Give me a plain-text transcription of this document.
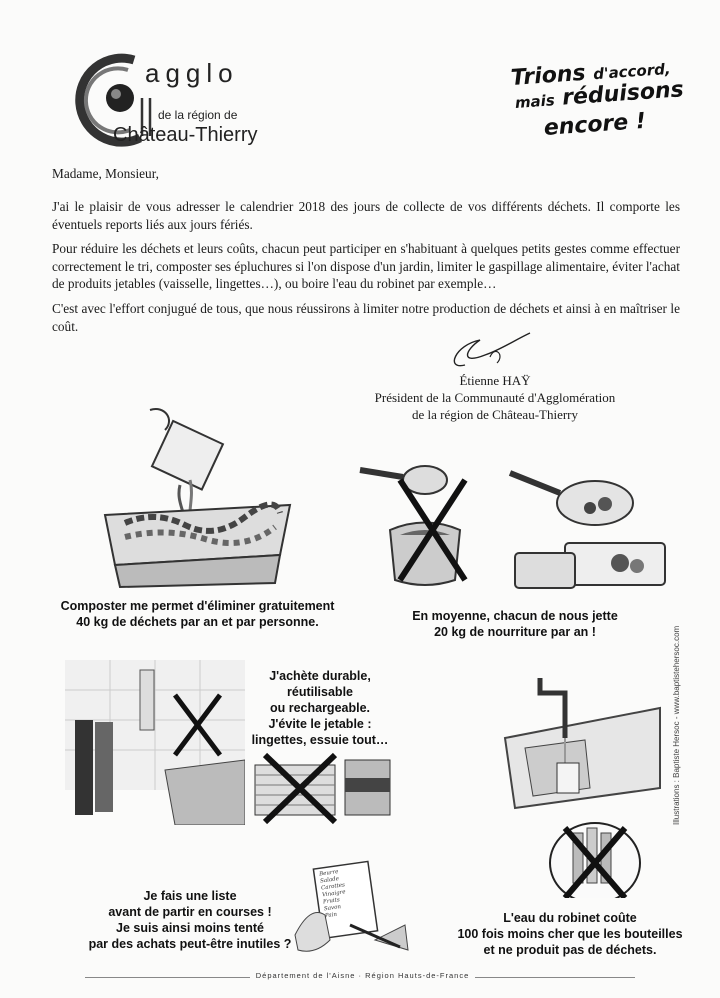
agglo
de la région de
Château-Thierry
Trions d'accord,
mais réduisons
encore !
Madame, Monsieur,
J'ai le plaisir de vous adresser le calendrier 2018 des jours de collecte de vos différents déchets. Il comporte les éventuels reports liés aux jours fériés.
Pour réduire les déchets et leurs coûts, chacun peut participer en s'habituant à quelques petits gestes comme effectuer correctement le tri, composter ses épluchures si l'on dispose d'un jardin, limiter le gaspillage alimentaire, éviter l'achat de produits jetables (vaisselle, lingettes…), ou boire l'eau du robinet par exemple…
C'est avec l'effort conjugué de tous, que nous réussirons à limiter notre production de déchets et ainsi à en maîtriser le coût.
Étienne HAŸ
Président de la Communauté d'Agglomération
de la région de Château-Thierry
Composter me permet d'éliminer gratuitement
40 kg de déchets par an et par personne.	En moyenne, chacun de nous jette
20 kg de nourriture par an !
J'achète durable, réutilisable
ou rechargeable.
J'évite le jetable :
lingettes, essuie tout…
Beurre
Salade
Carottes
Vinaigre
Fruits
Savon
Pain
Je fais une liste
avant de partir en courses !
Je suis ainsi moins tenté
par des achats peut-être inutiles ?
L'eau du robinet coûte
100 fois moins cher que les bouteilles
et ne produit pas de déchets.
Illustrations : Baptiste Hersoc - www.baptistehersoc.com
Département de l'Aisne · Région Hauts-de-France
